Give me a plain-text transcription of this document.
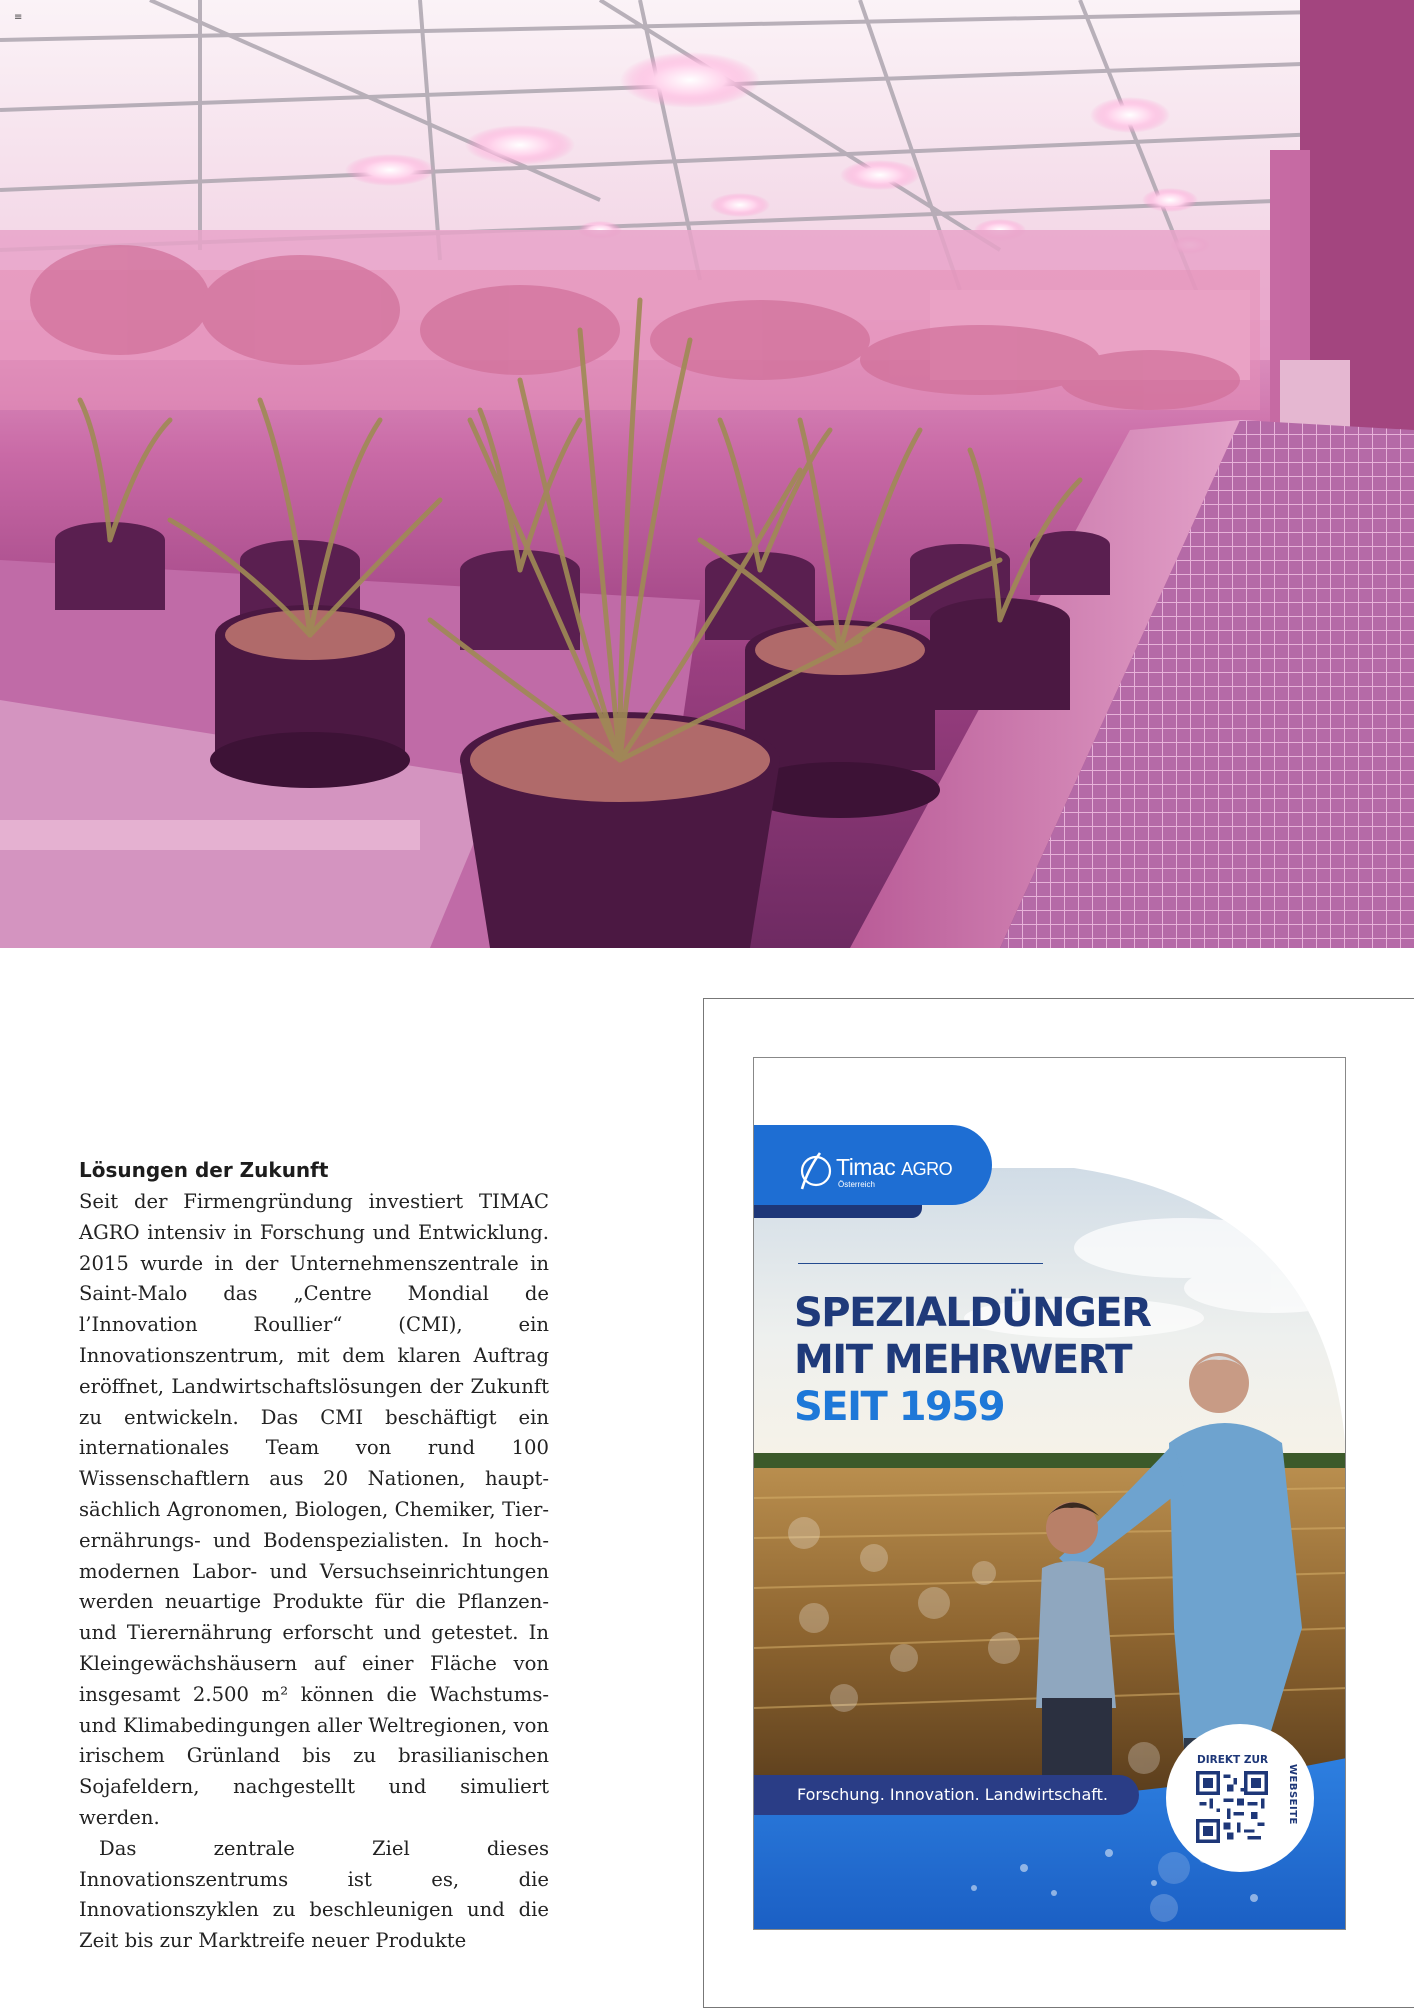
≡
Lösungen der Zukunft

Seit der Firmengründung investiert TIMAC AGRO intensiv in Forschung und Entwicklung. 2015 wurde in der Unternehmenszentrale in Saint-Malo das „Centre Mondial de l’Innovation Roullier“ (CMI), ein Innovationszentrum, mit dem klaren Auftrag eröffnet, Landwirtschaftslösungen der Zukunft zu entwickeln. Das CMI beschäftigt ein internationales Team von rund 100 Wissenschaftlern aus 20 Nationen, hauptsächlich Agronomen, Biologen, Chemiker, Tierernährungs- und Bodenspezialisten. In hochmodernen Labor- und Versuchseinrichtungen werden neuartige Produkte für die Pflanzen- und Tierernährung erforscht und getestet. In Kleingewächshäusern auf einer Fläche von insgesamt 2.500 m² können die Wachstums- und Klimabedingungen aller Weltregionen, von irischem Grünland bis zu brasilianischen Sojafeldern, nachgestellt und simuliert werden.

Das zentrale Ziel dieses Innovationszentrums ist es, die Innovationszyklen zu beschleunigen und die Zeit bis zur Marktreife neuer Produkte

Timac AGRO
Österreich
SPEZIALDÜNGER
MIT MEHRWERT
SEIT 1959
Forschung. Innovation. Landwirtschaft.
DIREKT ZUR
WEBSEITE
